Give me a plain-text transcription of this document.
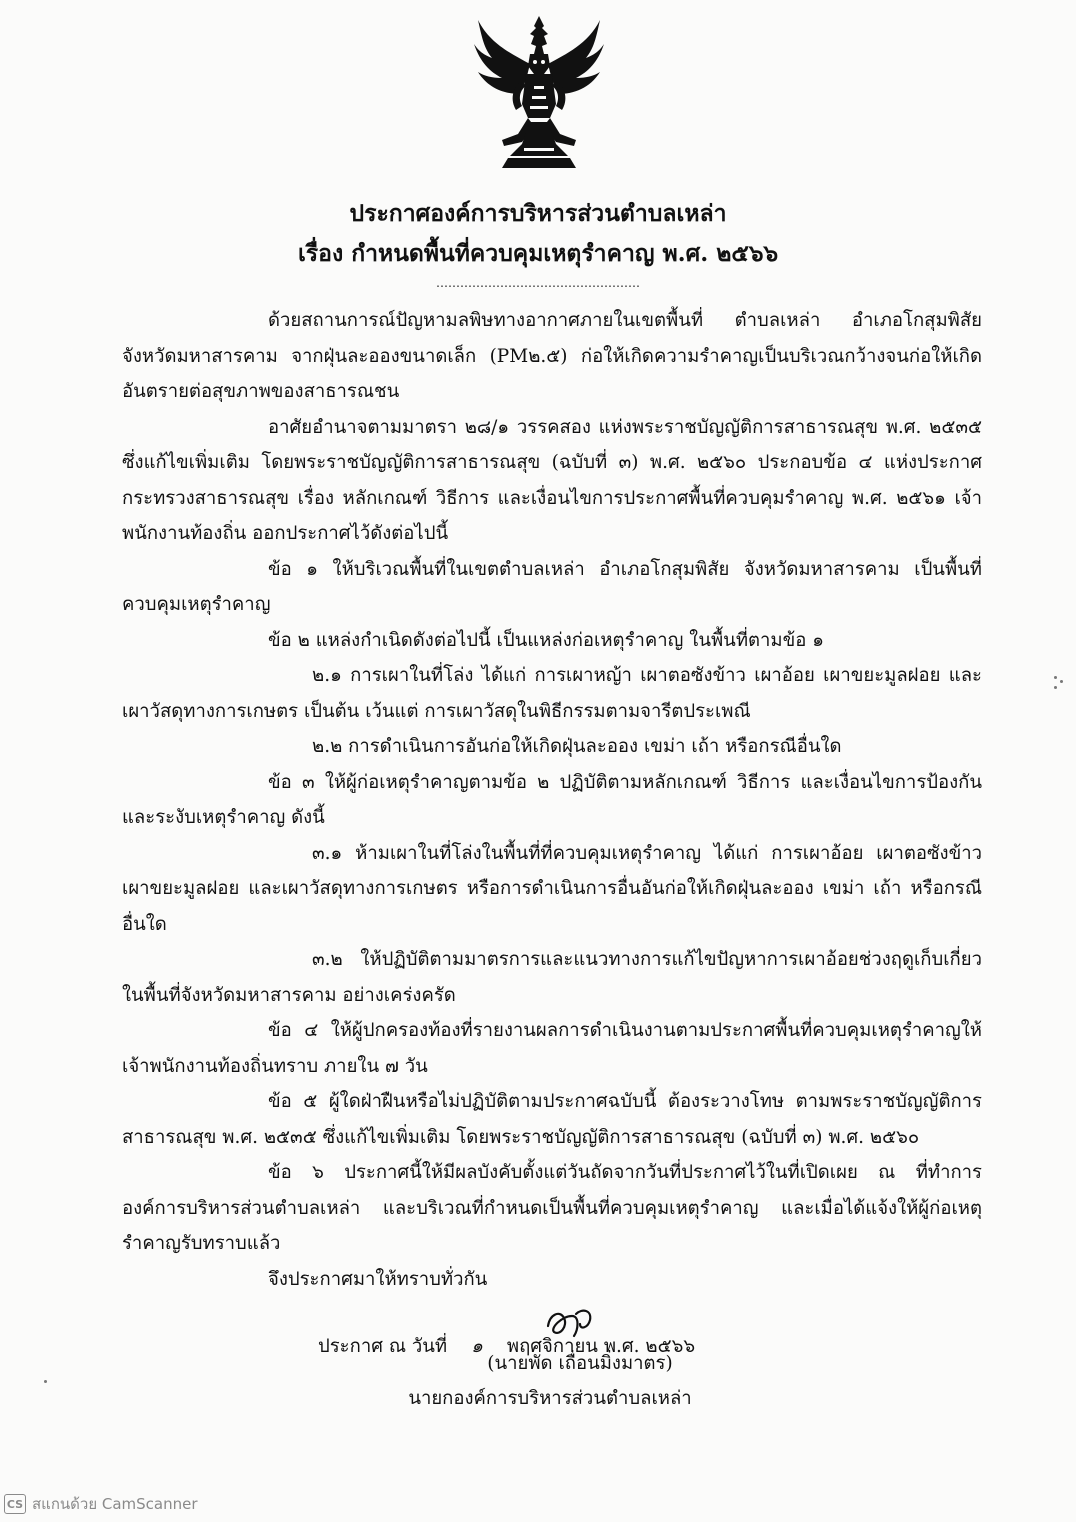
ประกาศองค์การบริหารส่วนตำบลเหล่า
เรื่อง กำหนดพื้นที่ควบคุมเหตุรำคาญ พ.ศ. ๒๕๖๖
……………………………………………

ด้วยสถานการณ์ปัญหามลพิษทางอากาศภายในเขตพื้นที่ ตำบลเหล่า อำเภอโกสุมพิสัย จังหวัดมหาสารคาม จากฝุ่นละอองขนาดเล็ก (PM๒.๕) ก่อให้เกิดความรำคาญเป็นบริเวณกว้างจนก่อให้เกิดอันตรายต่อสุขภาพของสาธารณชน

อาศัยอำนาจตามมาตรา ๒๘/๑ วรรคสอง แห่งพระราชบัญญัติการสาธารณสุข พ.ศ. ๒๕๓๕ ซึ่งแก้ไขเพิ่มเติม โดยพระราชบัญญัติการสาธารณสุข (ฉบับที่ ๓) พ.ศ. ๒๕๖๐ ประกอบข้อ ๔ แห่งประกาศกระทรวงสาธารณสุข เรื่อง หลักเกณฑ์ วิธีการ และเงื่อนไขการประกาศพื้นที่ควบคุมรำคาญ พ.ศ. ๒๕๖๑ เจ้าพนักงานท้องถิ่น ออกประกาศไว้ดังต่อไปนี้

ข้อ ๑ ให้บริเวณพื้นที่ในเขตตำบลเหล่า อำเภอโกสุมพิสัย จังหวัดมหาสารคาม เป็นพื้นที่ควบคุมเหตุรำคาญ

ข้อ ๒ แหล่งกำเนิดดังต่อไปนี้ เป็นแหล่งก่อเหตุรำคาญ ในพื้นที่ตามข้อ ๑

๒.๑ การเผาในที่โล่ง ได้แก่ การเผาหญ้า เผาตอซังข้าว เผาอ้อย เผาขยะมูลฝอย และเผาวัสดุทางการเกษตร เป็นต้น เว้นแต่ การเผาวัสดุในพิธีกรรมตามจารีตประเพณี

๒.๒ การดำเนินการอันก่อให้เกิดฝุ่นละออง เขม่า เถ้า หรือกรณีอื่นใด

ข้อ ๓ ให้ผู้ก่อเหตุรำคาญตามข้อ ๒ ปฏิบัติตามหลักเกณฑ์ วิธีการ และเงื่อนไขการป้องกันและระงับเหตุรำคาญ ดังนี้

๓.๑ ห้ามเผาในที่โล่งในพื้นที่ที่ควบคุมเหตุรำคาญ ได้แก่ การเผาอ้อย เผาตอซังข้าว เผาขยะมูลฝอย และเผาวัสดุทางการเกษตร หรือการดำเนินการอื่นอันก่อให้เกิดฝุ่นละออง เขม่า เถ้า หรือกรณีอื่นใด

๓.๒ ให้ปฏิบัติตามมาตรการและแนวทางการแก้ไขปัญหาการเผาอ้อยช่วงฤดูเก็บเกี่ยวในพื้นที่จังหวัดมหาสารคาม อย่างเคร่งครัด

ข้อ ๔ ให้ผู้ปกครองท้องที่รายงานผลการดำเนินงานตามประกาศพื้นที่ควบคุมเหตุรำคาญให้เจ้าพนักงานท้องถิ่นทราบ ภายใน ๗ วัน

ข้อ ๕ ผู้ใดฝ่าฝืนหรือไม่ปฏิบัติตามประกาศฉบับนี้ ต้องระวางโทษ ตามพระราชบัญญัติการสาธารณสุข พ.ศ. ๒๕๓๕ ซึ่งแก้ไขเพิ่มเติม โดยพระราชบัญญัติการสาธารณสุข (ฉบับที่ ๓) พ.ศ. ๒๕๖๐

ข้อ ๖ ประกาศนี้ให้มีผลบังคับตั้งแต่วันถัดจากวันที่ประกาศไว้ในที่เปิดเผย ณ ที่ทำการองค์การบริหารส่วนตำบลเหล่า และบริเวณที่กำหนดเป็นพื้นที่ควบคุมเหตุรำคาญ และเมื่อได้แจ้งให้ผู้ก่อเหตุรำคาญรับทราบแล้ว

จึงประกาศมาให้ทราบทั่วกัน

ประกาศ ณ วันที่ ๑ พฤศจิกายน พ.ศ. ๒๕๖๖

(นายพัด เถื่อนมิ่งมาตร)
นายกองค์การบริหารส่วนตำบลเหล่า
CS สแกนด้วย CamScanner
